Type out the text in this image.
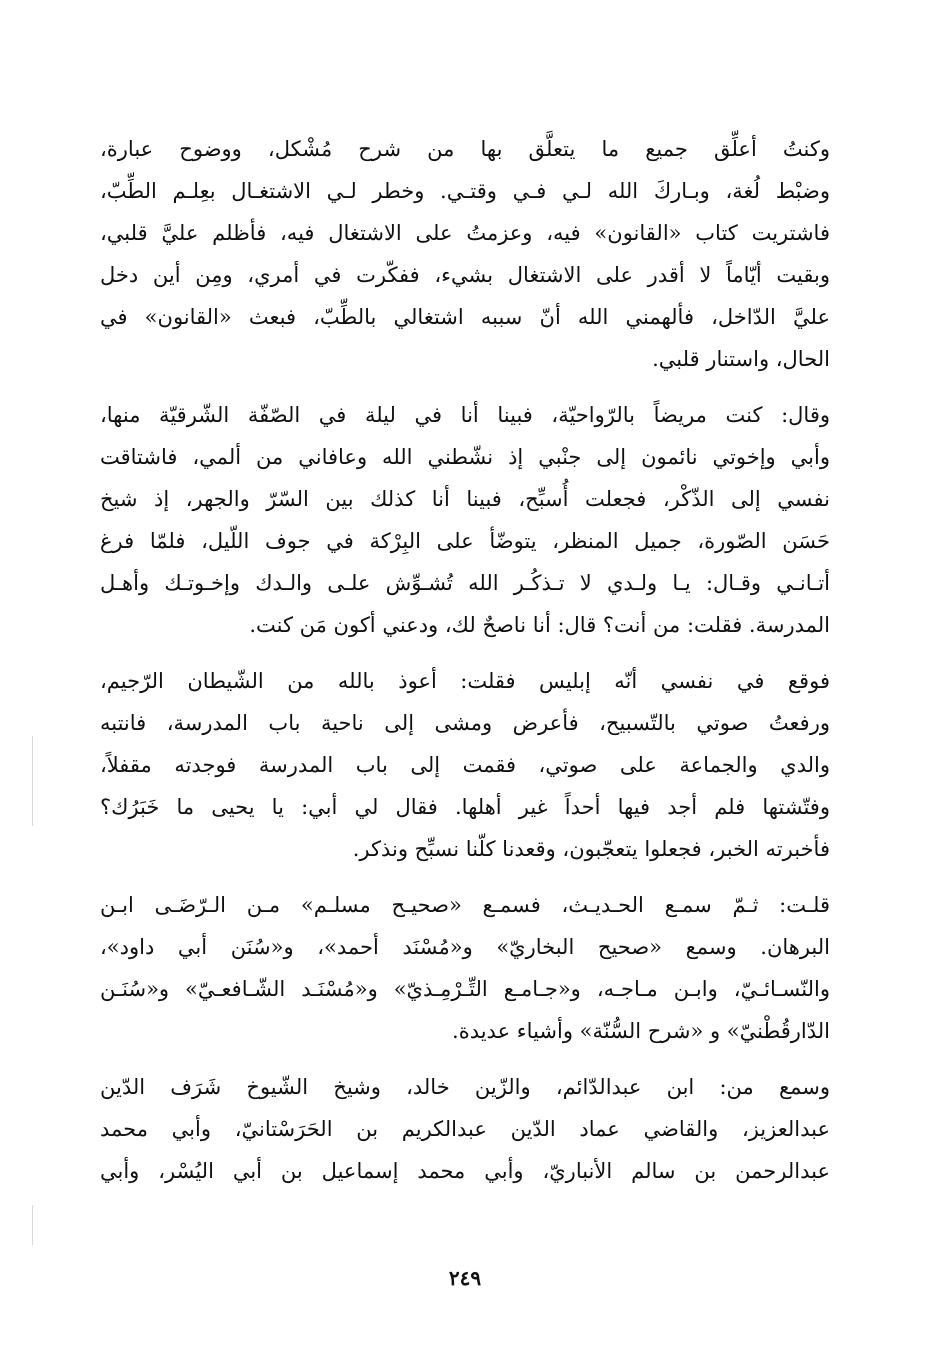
وكنتُ أعلِّق جميع ما يتعلَّق بها من شرح مُشْكل، ووضوح عبارة،
وضبْط لُغة، وبـاركَ الله لـي فـي وقتـي. وخطر لـي الاشتغـال بعِلـم الطِّبّ،
فاشتريت كتاب «القانون» فيه، وعزمتُ على الاشتغال فيه، فأظلم عليَّ قلبي،
وبقيت أيّاماً لا أقدر على الاشتغال بشيء، ففكّرت في أمري، ومِن أين دخل
عليَّ الدّاخل، فألهمني الله أنّ سببه اشتغالي بالطِّبّ، فبعث «القانون» في
الحال، واستنار قلبي.
وقال: كنت مريضاً بالرّواحيّة، فبينا أنا في ليلة في الصّفّة الشّرقيّة منها،
وأبي وإخوتي نائمون إلى جنْبي إذ نشّطني الله وعافاني من ألمي، فاشتاقت
نفسي إلى الذّكْر، فجعلت أُسبِّح، فبينا أنا كذلك بين السّرّ والجهر، إذ شيخ
حَسَن الصّورة، جميل المنظر، يتوضّأ على البِرْكة في جوف اللّيل، فلمّا فرغ
أتـانـي وقـال: يـا ولـدي لا تـذكُـر الله تُشـوِّش علـى والـدك وإخـوتـك وأهـل
المدرسة. فقلت: من أنت؟ قال: أنا ناصحٌ لك، ودعني أكون مَن كنت.
فوقع في نفسي أنّه إبليس فقلت: أعوذ بالله من الشّيطان الرّجيم،
ورفعتُ صوتي بالتّسبيح، فأعرض ومشى إلى ناحية باب المدرسة، فانتبه
والدي والجماعة على صوتي، فقمت إلى باب المدرسة فوجدته مقفلاً،
وفتّشتها فلم أجد فيها أحداً غير أهلها. فقال لي أبي: يا يحيى ما خَبَرُك؟
فأخبرته الخبر، فجعلوا يتعجّبون، وقعدنا كلّنا نسبِّح ونذكر.
قلـت: ثـمّ سمـع الحـديـث، فسمـع «صحيـح مسلـم» مـن الـرّضَـى ابـن
البرهان. وسمع «صحيح البخاريّ» و«مُسْنَد أحمد»، و«سُنَن أبي داود»،
والنّسـائـيّ، وابـن مـاجـه، و«جـامـع التِّـرْمِـذيّ» و«مُسْنَـد الشّـافعـيّ» و«سُنَـن
الدّارقُطْنيّ» و «شرح السُّنّة» وأشياء عديدة.
وسمع من: ابن عبدالدّائم، والزّين خالد، وشيخ الشّيوخ شَرَف الدّين
عبدالعزيز، والقاضي عماد الدّين عبدالكريم بن الحَرَسْتانيّ، وأبي محمد
عبدالرحمن بن سالم الأنباريّ، وأبي محمد إسماعيل بن أبي اليُسْر، وأبي
٢٤٩
